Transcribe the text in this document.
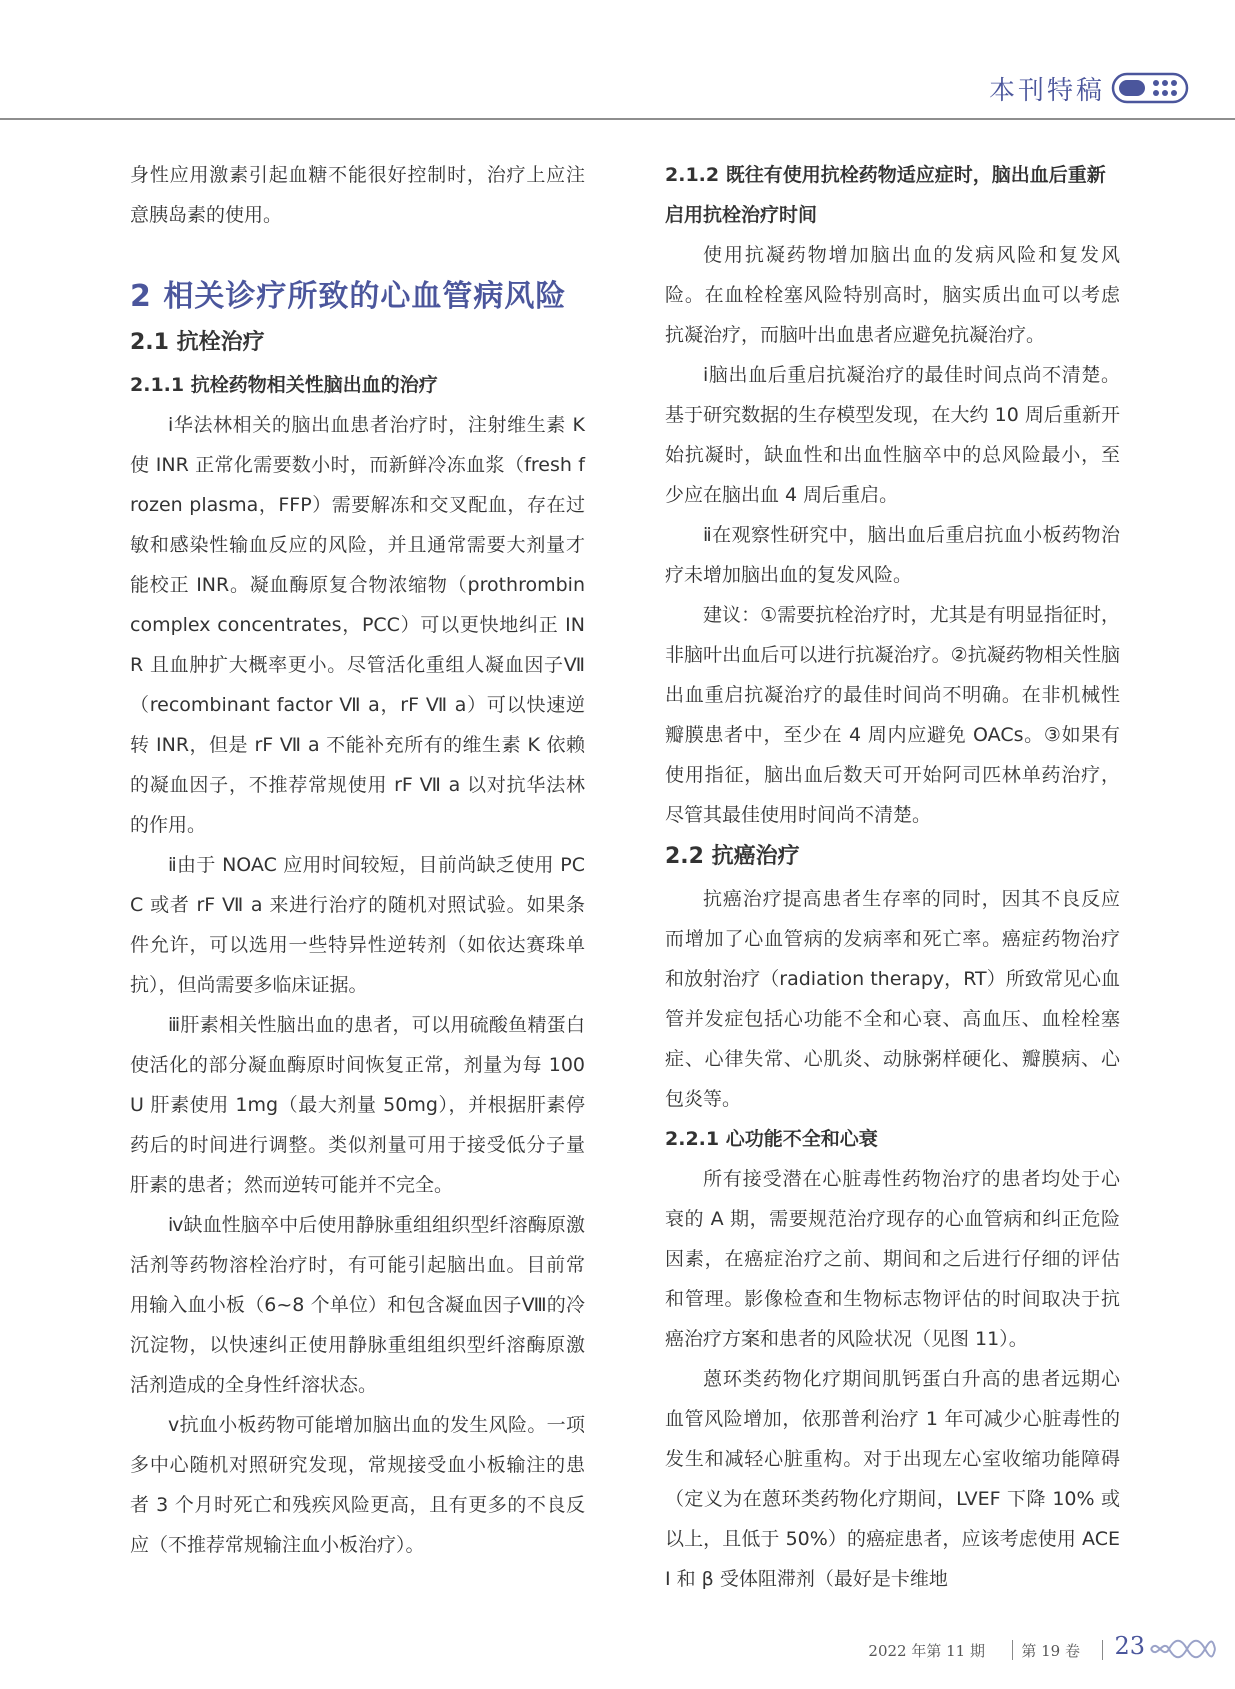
本刊特稿
身性应用激素引起血糖不能很好控制时，治疗上应注意胰岛素的使用。
2 相关诊疗所致的心血管病风险
2.1 抗栓治疗
2.1.1 抗栓药物相关性脑出血的治疗
ⅰ华法林相关的脑出血患者治疗时，注射维生素 K 使 INR 正常化需要数小时，而新鲜冷冻血浆（fresh frozen plasma，FFP）需要解冻和交叉配血，存在过敏和感染性输血反应的风险，并且通常需要大剂量才能校正 INR。凝血酶原复合物浓缩物（prothrombin complex concentrates，PCC）可以更快地纠正 INR 且血肿扩大概率更小。尽管活化重组人凝血因子Ⅶ（recombinant factor Ⅶ a，rF Ⅶ a）可以快速逆转 INR，但是 rF Ⅶ a 不能补充所有的维生素 K 依赖的凝血因子，不推荐常规使用 rF Ⅶ a 以对抗华法林的作用。
ⅱ由于 NOAC 应用时间较短，目前尚缺乏使用 PCC 或者 rF Ⅶ a 来进行治疗的随机对照试验。如果条件允许，可以选用一些特异性逆转剂（如依达赛珠单抗），但尚需要多临床证据。
ⅲ肝素相关性脑出血的患者，可以用硫酸鱼精蛋白使活化的部分凝血酶原时间恢复正常，剂量为每 100U 肝素使用 1mg（最大剂量 50mg），并根据肝素停药后的时间进行调整。类似剂量可用于接受低分子量肝素的患者；然而逆转可能并不完全。
ⅳ缺血性脑卒中后使用静脉重组组织型纤溶酶原激活剂等药物溶栓治疗时，有可能引起脑出血。目前常用输入血小板（6~8 个单位）和包含凝血因子Ⅷ的冷沉淀物，以快速纠正使用静脉重组组织型纤溶酶原激活剂造成的全身性纤溶状态。
ⅴ抗血小板药物可能增加脑出血的发生风险。一项多中心随机对照研究发现，常规接受血小板输注的患者 3 个月时死亡和残疾风险更高，且有更多的不良反应（不推荐常规输注血小板治疗）。
2.1.2 既往有使用抗栓药物适应症时，脑出血后重新启用抗栓治疗时间
使用抗凝药物增加脑出血的发病风险和复发风险。在血栓栓塞风险特别高时，脑实质出血可以考虑抗凝治疗，而脑叶出血患者应避免抗凝治疗。
ⅰ脑出血后重启抗凝治疗的最佳时间点尚不清楚。基于研究数据的生存模型发现，在大约 10 周后重新开始抗凝时，缺血性和出血性脑卒中的总风险最小，至少应在脑出血 4 周后重启。
ⅱ在观察性研究中，脑出血后重启抗血小板药物治疗未增加脑出血的复发风险。
建议：①需要抗栓治疗时，尤其是有明显指征时，非脑叶出血后可以进行抗凝治疗。②抗凝药物相关性脑出血重启抗凝治疗的最佳时间尚不明确。在非机械性瓣膜患者中，至少在 4 周内应避免 OACs。③如果有使用指征，脑出血后数天可开始阿司匹林单药治疗，尽管其最佳使用时间尚不清楚。
2.2 抗癌治疗
抗癌治疗提高患者生存率的同时，因其不良反应而增加了心血管病的发病率和死亡率。癌症药物治疗和放射治疗（radiation therapy，RT）所致常见心血管并发症包括心功能不全和心衰、高血压、血栓栓塞症、心律失常、心肌炎、动脉粥样硬化、瓣膜病、心包炎等。
2.2.1 心功能不全和心衰
所有接受潜在心脏毒性药物治疗的患者均处于心衰的 A 期，需要规范治疗现存的心血管病和纠正危险因素，在癌症治疗之前、期间和之后进行仔细的评估和管理。影像检查和生物标志物评估的时间取决于抗癌治疗方案和患者的风险状况（见图 11）。
蒽环类药物化疗期间肌钙蛋白升高的患者远期心血管风险增加，依那普利治疗 1 年可减少心脏毒性的发生和减轻心脏重构。对于出现左心室收缩功能障碍（定义为在蒽环类药物化疗期间，LVEF 下降 10% 或以上，且低于 50%）的癌症患者，应该考虑使用 ACEI 和 β 受体阻滞剂（最好是卡维地
2022 年第 11 期 第 19 卷 23
